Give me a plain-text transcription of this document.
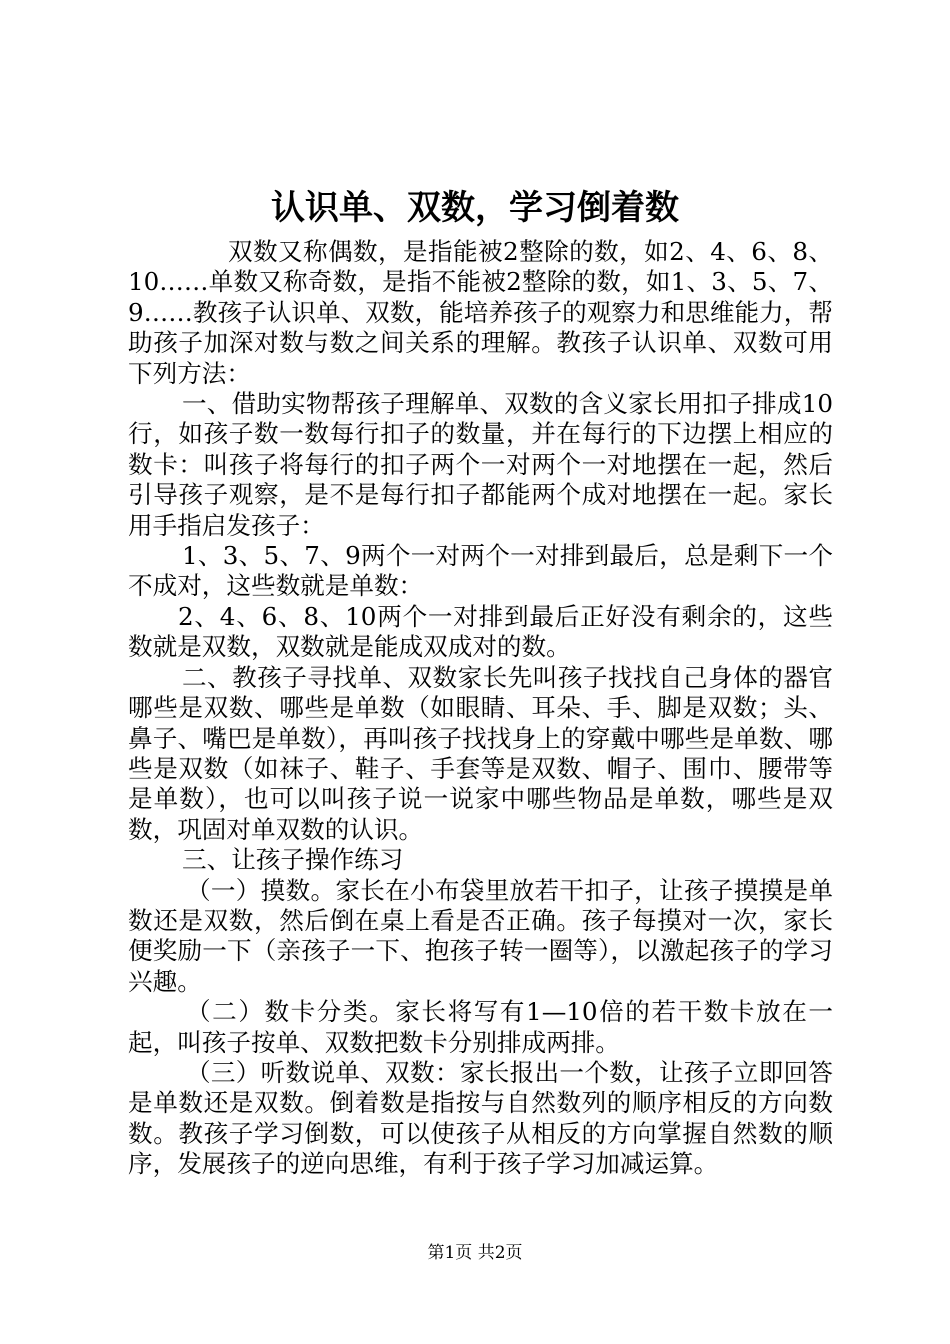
认识单、双数，学习倒着数

双数又称偶数，是指能被2整除的数，如2、4、6、8、10……单数又称奇数，是指不能被2整除的数，如1、3、5、7、9……教孩子认识单、双数，能培养孩子的观察力和思维能力，帮助孩子加深对数与数之间关系的理解。教孩子认识单、双数可用下列方法：

一、借助实物帮孩子理解单、双数的含义家长用扣子排成10行，如孩子数一数每行扣子的数量，并在每行的下边摆上相应的数卡：叫孩子将每行的扣子两个一对两个一对地摆在一起，然后引导孩子观察，是不是每行扣子都能两个成对地摆在一起。家长用手指启发孩子：

1、3、5、7、9两个一对两个一对排到最后，总是剩下一个不成对，这些数就是单数：

2、4、6、8、10两个一对排到最后正好没有剩余的，这些数就是双数，双数就是能成双成对的数。

二、教孩子寻找单、双数家长先叫孩子找找自己身体的器官哪些是双数、哪些是单数（如眼睛、耳朵、手、脚是双数；头、鼻子、嘴巴是单数），再叫孩子找找身上的穿戴中哪些是单数、哪些是双数（如袜子、鞋子、手套等是双数、帽子、围巾、腰带等是单数），也可以叫孩子说一说家中哪些物品是单数，哪些是双数，巩固对单双数的认识。

三、让孩子操作练习

（一）摸数。家长在小布袋里放若干扣子，让孩子摸摸是单数还是双数，然后倒在桌上看是否正确。孩子每摸对一次，家长便奖励一下（亲孩子一下、抱孩子转一圈等），以激起孩子的学习兴趣。

（二）数卡分类。家长将写有1—10倍的若干数卡放在一起，叫孩子按单、双数把数卡分别排成两排。

（三）听数说单、双数：家长报出一个数，让孩子立即回答是单数还是双数。倒着数是指按与自然数列的顺序相反的方向数数。教孩子学习倒数，可以使孩子从相反的方向掌握自然数的顺序，发展孩子的逆向思维，有利于孩子学习加减运算。

第1页 共2页
